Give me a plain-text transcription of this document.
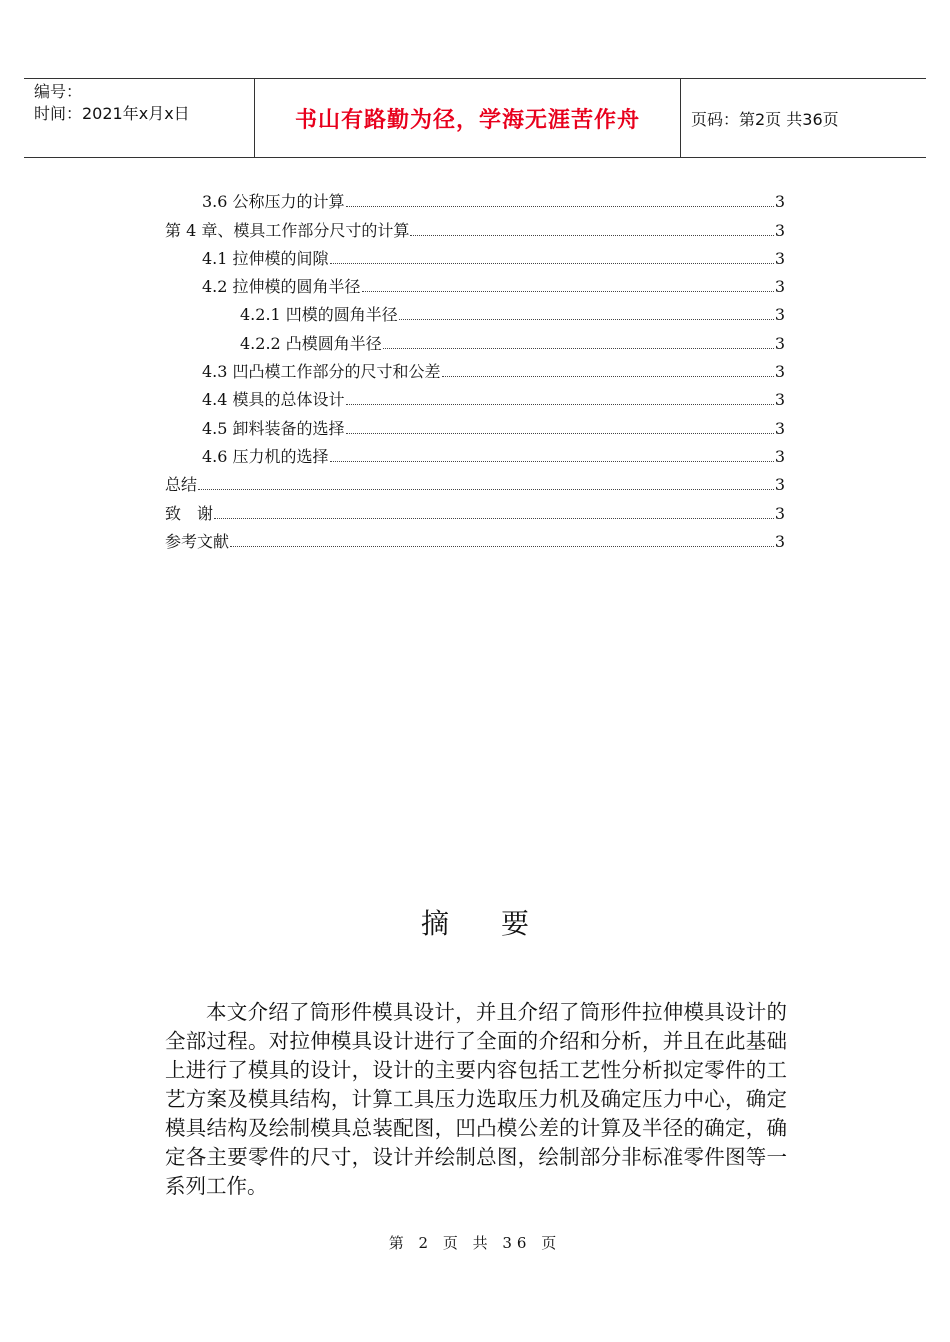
编号：
时间：2021年x月x日	书山有路勤为径，学海无涯苦作舟	页码：第2页 共36页
3.6 公称压力的计算	3
第 4 章、模具工作部分尺寸的计算	3
4.1 拉伸模的间隙	3
4.2 拉伸模的圆角半径	3
4.2.1 凹模的圆角半径	3
4.2.2 凸模圆角半径	3
4.3 凹凸模工作部分的尺寸和公差	3
4.4 模具的总体设计	3
4.5 卸料装备的选择	3
4.6 压力机的选择	3
总结	3
致　谢	3
参考文献	3
摘要

本文介绍了筒形件模具设计，并且介绍了筒形件拉伸模具设计的全部过程。对拉伸模具设计进行了全面的介绍和分析，并且在此基础上进行了模具的设计，设计的主要内容包括工艺性分析拟定零件的工艺方案及模具结构，计算工具压力选取压力机及确定压力中心，确定模具结构及绘制模具总装配图，凹凸模公差的计算及半径的确定，确定各主要零件的尺寸，设计并绘制总图，绘制部分非标准零件图等一系列工作。

第 2 页 共 36 页
